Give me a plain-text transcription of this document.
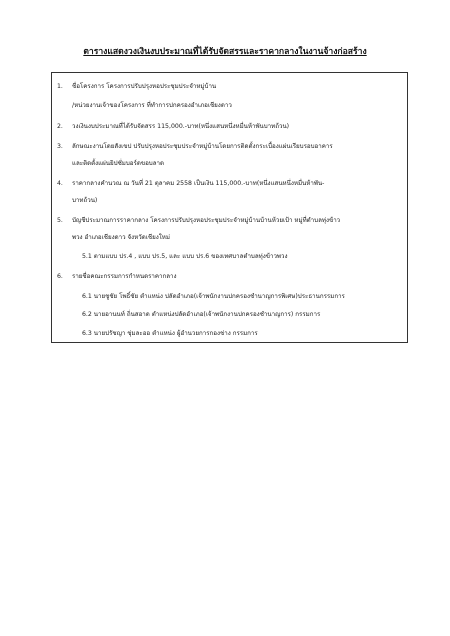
ตารางแสดงวงเงินงบประมาณที่ได้รับจัดสรรและราคากลางในงานจ้างก่อสร้าง
1. ชื่อโครงการ โครงการปรับปรุงหอประชุมประจำหมู่บ้าน
/หน่วยงานเจ้าของโครงการ ที่ทำการปกครองอำเภอเชียงดาว
2. วงเงินงบประมาณที่ได้รับจัดสรร 115,000.-บาท(หนึ่งแสนหนึ่งหมื่นห้าพันบาทถ้วน)
3. ลักษณะงานโดยสังเขป ปรับปรุงหอประชุมประจำหมู่บ้านโดยการติดตั้งกระเบื้องแผ่นเรียบรอบอาคาร
และติดตั้งแผ่นยิปซั่มบอร์ดขอบลาด
4. ราคากลางคำนวณ ณ วันที่ 21 ตุลาคม 2558 เป็นเงิน 115,000.-บาท(หนึ่งแสนหนึ่งหมื่นห้าพัน-
บาทถ้วน)
5. บัญชีประมาณการราคากลาง โครงการปรับปรุงหอประชุมประจำหมู่บ้านบ้านห้วยเป้า หมู่ที่ตำบลทุ่งข้าว
พวง อำเภอเชียงดาว จังหวัดเชียงใหม่
5.1 ตามแบบ ปร.4 , แบบ ปร.5, และ แบบ ปร.6 ของเทศบาลตำบลทุ่งข้าวพวง
6. รายชื่อคณะกรรมการกำหนดราคากลาง
6.1 นายชูชัย โพธิ์ชัย ตำแหน่ง ปลัดอำเภอ(เจ้าพนักงานปกครองชำนาญการพิเศษ)ประธานกรรมการ
6.2 นายอานนท์ ถิ่นสอาด ตำแหน่งปลัดอำเภอ(เจ้าพนักงานปกครองชำนาญการ) กรรมการ
6.3 นายปรัชญา ชุ่มละออ ตำแหน่ง ผู้อำนวยการกองช่าง กรรมการ
